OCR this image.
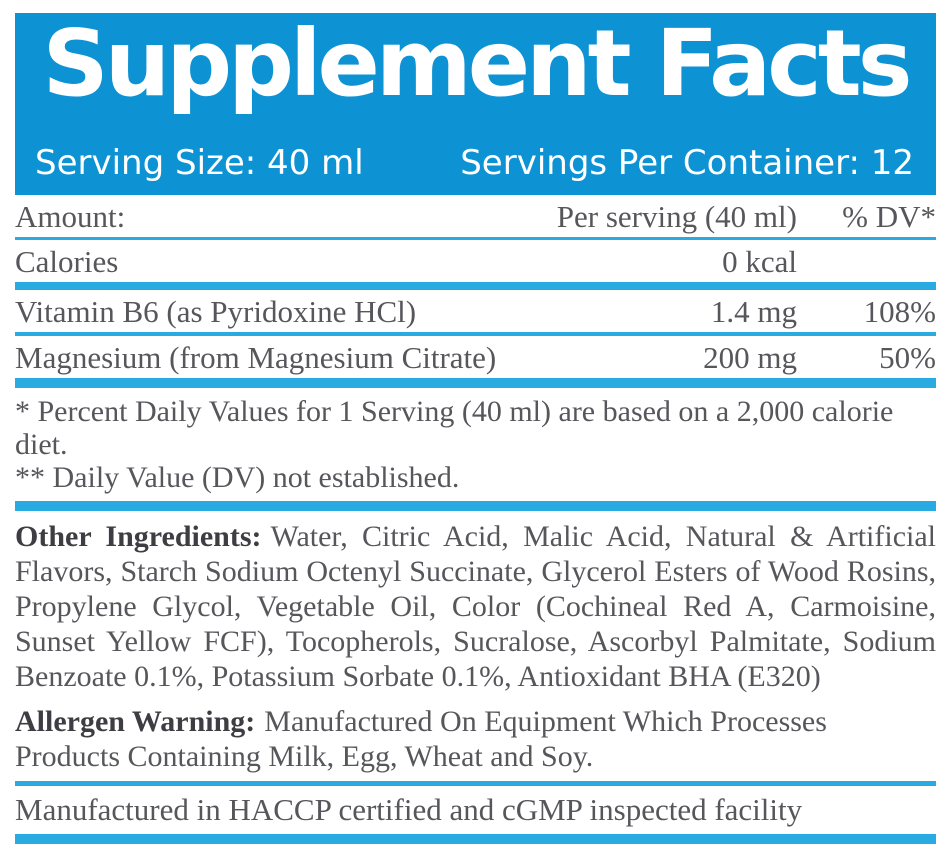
Supplement Facts
Serving Size: 40 ml	Servings Per Container: 12
Amount:	Per serving (40 ml)	% DV*
Calories	0 kcal
Vitamin B6 (as Pyridoxine HCl)	1.4 mg	108%
Magnesium (from Magnesium Citrate)	200 mg	50%
* Percent Daily Values for 1 Serving (40 ml) are based on a 2,000 calorie diet.
** Daily Value (DV) not established.

Other Ingredients: Water, Citric Acid, Malic Acid, Natural & Artificial Flavors, Starch Sodium Octenyl Succinate, Glycerol Esters of Wood Rosins, Propylene Glycol, Vegetable Oil, Color (Cochineal Red A, Carmoisine, Sunset Yellow FCF), Tocopherols, Sucralose, Ascorbyl Palmitate, Sodium Benzoate 0.1%, Potassium Sorbate 0.1%, Antioxidant BHA (E320)

Allergen Warning: Manufactured On Equipment Which Processes Products Containing Milk, Egg, Wheat and Soy.

Manufactured in HACCP certified and cGMP inspected facility
